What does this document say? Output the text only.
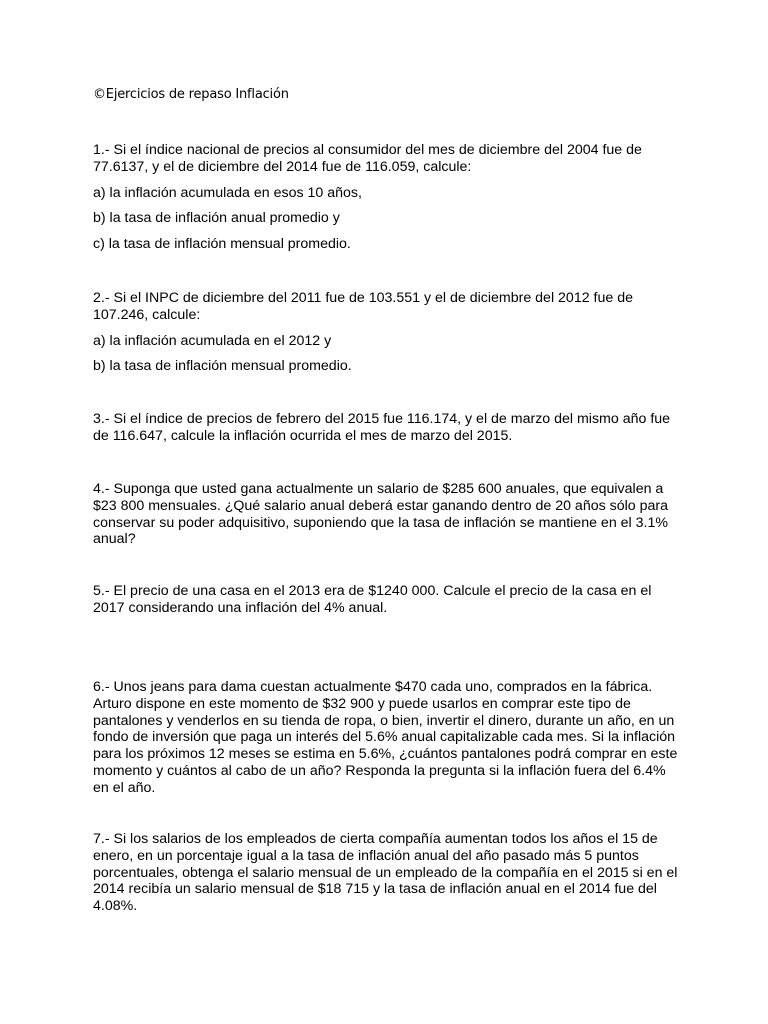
©Ejercicios de repaso Inflación

1.- Si el índice nacional de precios al consumidor del mes de diciembre del 2004 fue de 77.6137, y el de diciembre del 2014 fue de 116.059, calcule:

a) la inflación acumulada en esos 10 años,

b) la tasa de inflación anual promedio y

c) la tasa de inflación mensual promedio.

2.- Si el INPC de diciembre del 2011 fue de 103.551 y el de diciembre del 2012 fue de 107.246, calcule:

a) la inflación acumulada en el 2012 y

b) la tasa de inflación mensual promedio.

3.- Si el índice de precios de febrero del 2015 fue 116.174, y el de marzo del mismo año fue de 116.647, calcule la inflación ocurrida el mes de marzo del 2015.

4.- Suponga que usted gana actualmente un salario de $285 600 anuales, que equivalen a $23 800 mensuales. ¿Qué salario anual deberá estar ganando dentro de 20 años sólo para conservar su poder adquisitivo, suponiendo que la tasa de inflación se mantiene en el 3.1% anual?

5.- El precio de una casa en el 2013 era de $1240 000. Calcule el precio de la casa en el 2017 considerando una inflación del 4% anual.

6.- Unos jeans para dama cuestan actualmente $470 cada uno, comprados en la fábrica. Arturo dispone en este momento de $32 900 y puede usarlos en comprar este tipo de pantalones y venderlos en su tienda de ropa, o bien, invertir el dinero, durante un año, en un fondo de inversión que paga un interés del 5.6% anual capitalizable cada mes. Si la inflación para los próximos 12 meses se estima en 5.6%, ¿cuántos pantalones podrá comprar en este momento y cuántos al cabo de un año? Responda la pregunta si la inflación fuera del 6.4% en el año.

7.- Si los salarios de los empleados de cierta compañía aumentan todos los años el 15 de enero, en un porcentaje igual a la tasa de inflación anual del año pasado más 5 puntos porcentuales, obtenga el salario mensual de un empleado de la compañía en el 2015 si en el 2014 recibía un salario mensual de $18 715 y la tasa de inflación anual en el 2014 fue del 4.08%.
